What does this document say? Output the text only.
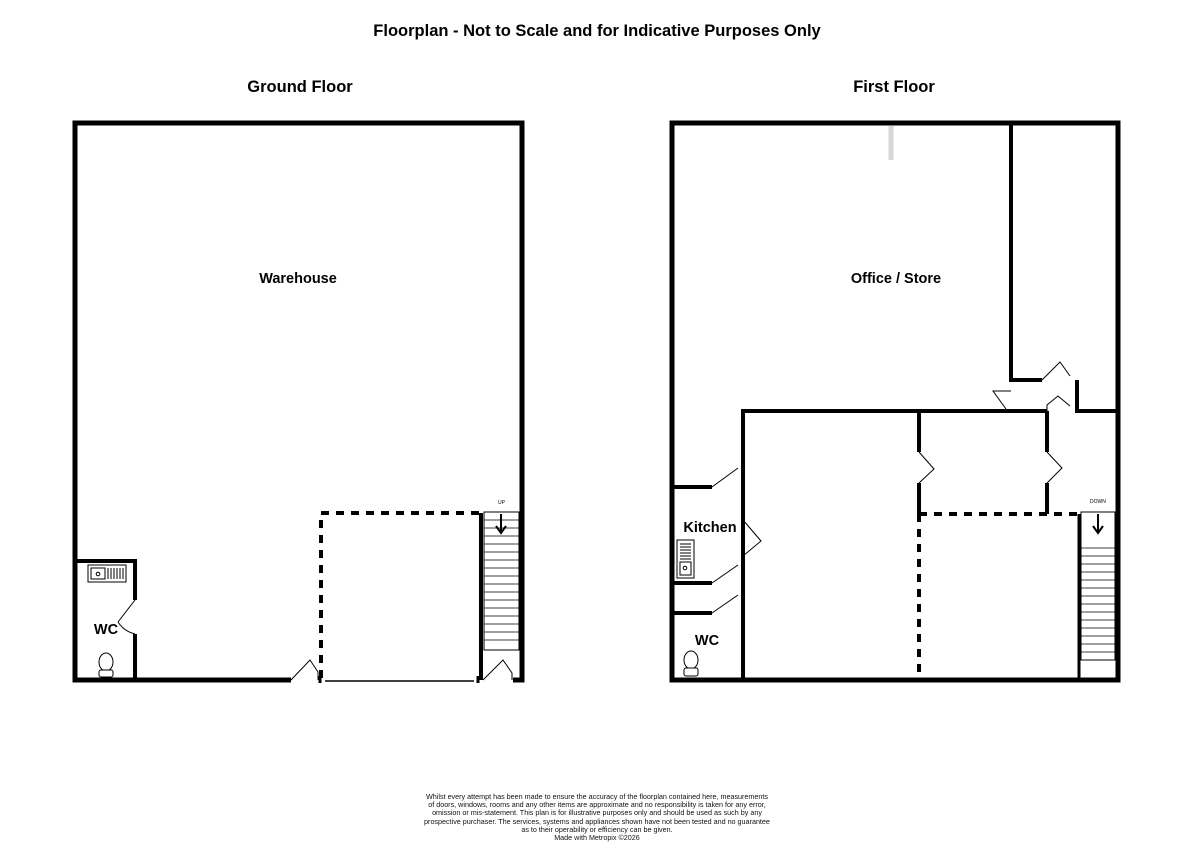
Floorplan - Not to Scale and for Indicative Purposes Only
Ground Floor	First Floor
UP
Warehouse
WC
DOWN
Office / Store
Kitchen
WC
Whilst every attempt has been made to ensure the accuracy of the floorplan contained here, measurements
of doors, windows, rooms and any other items are approximate and no responsibility is taken for any error,
omission or mis-statement. This plan is for illustrative purposes only and should be used as such by any
prospective purchaser. The services, systems and appliances shown have not been tested and no guarantee
as to their operability or efficiency can be given.
Made with Metropix ©2026
